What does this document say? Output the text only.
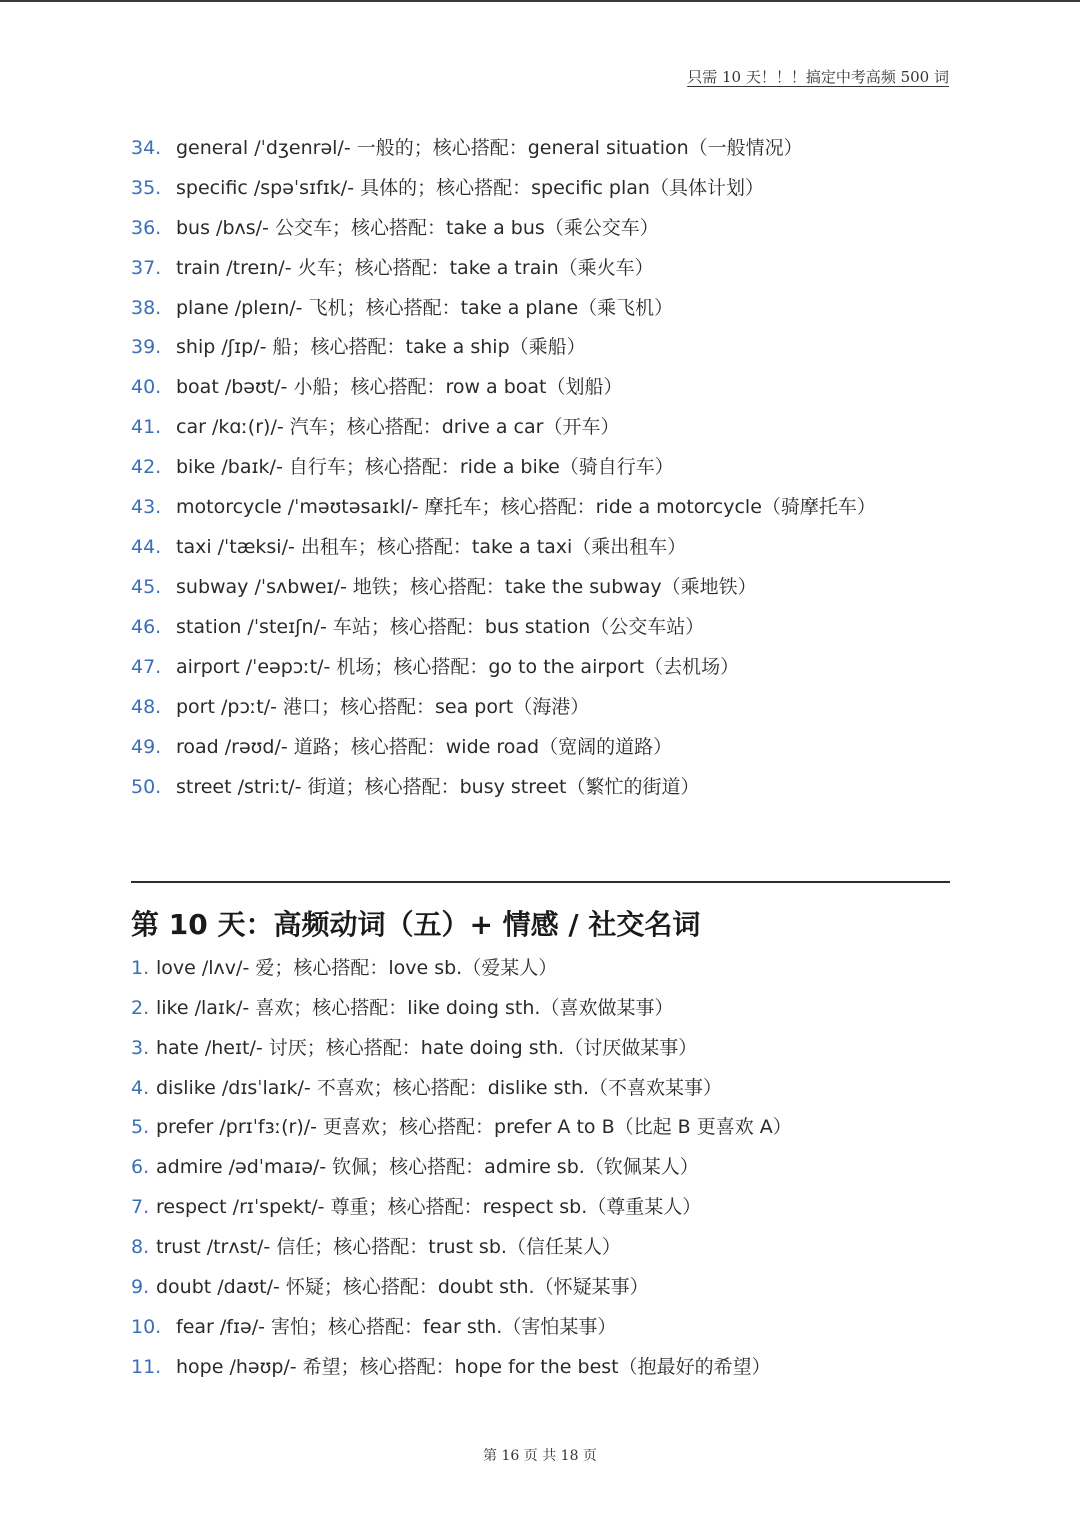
只需 10 天！！！搞定中考高频 500 词
34. general /ˈdʒenrəl/- 一般的；核心搭配：general situation（一般情况）
35. specific /spəˈsɪfɪk/- 具体的；核心搭配：specific plan（具体计划）
36. bus /bʌs/- 公交车；核心搭配：take a bus（乘公交车）
37. train /treɪn/- 火车；核心搭配：take a train（乘火车）
38. plane /pleɪn/- 飞机；核心搭配：take a plane（乘飞机）
39. ship /ʃɪp/- 船；核心搭配：take a ship（乘船）
40. boat /bəʊt/- 小船；核心搭配：row a boat（划船）
41. car /kɑː(r)/- 汽车；核心搭配：drive a car（开车）
42. bike /baɪk/- 自行车；核心搭配：ride a bike（骑自行车）
43. motorcycle /ˈməʊtəsaɪkl/- 摩托车；核心搭配：ride a motorcycle（骑摩托车）
44. taxi /ˈtæksi/- 出租车；核心搭配：take a taxi（乘出租车）
45. subway /ˈsʌbweɪ/- 地铁；核心搭配：take the subway（乘地铁）
46. station /ˈsteɪʃn/- 车站；核心搭配：bus station（公交车站）
47. airport /ˈeəpɔːt/- 机场；核心搭配：go to the airport（去机场）
48. port /pɔːt/- 港口；核心搭配：sea port（海港）
49. road /rəʊd/- 道路；核心搭配：wide road（宽阔的道路）
50. street /striːt/- 街道；核心搭配：busy street（繁忙的街道）
第 10 天：高频动词（五）+ 情感 / 社交名词
1. love /lʌv/- 爱；核心搭配：love sb.（爱某人）
2. like /laɪk/- 喜欢；核心搭配：like doing sth.（喜欢做某事）
3. hate /heɪt/- 讨厌；核心搭配：hate doing sth.（讨厌做某事）
4. dislike /dɪsˈlaɪk/- 不喜欢；核心搭配：dislike sth.（不喜欢某事）
5. prefer /prɪˈfɜː(r)/- 更喜欢；核心搭配：prefer A to B（比起 B 更喜欢 A）
6. admire /ədˈmaɪə/- 钦佩；核心搭配：admire sb.（钦佩某人）
7. respect /rɪˈspekt/- 尊重；核心搭配：respect sb.（尊重某人）
8. trust /trʌst/- 信任；核心搭配：trust sb.（信任某人）
9. doubt /daʊt/- 怀疑；核心搭配：doubt sth.（怀疑某事）
10. fear /fɪə/- 害怕；核心搭配：fear sth.（害怕某事）
11. hope /həʊp/- 希望；核心搭配：hope for the best（抱最好的希望）
第 16 页 共 18 页
